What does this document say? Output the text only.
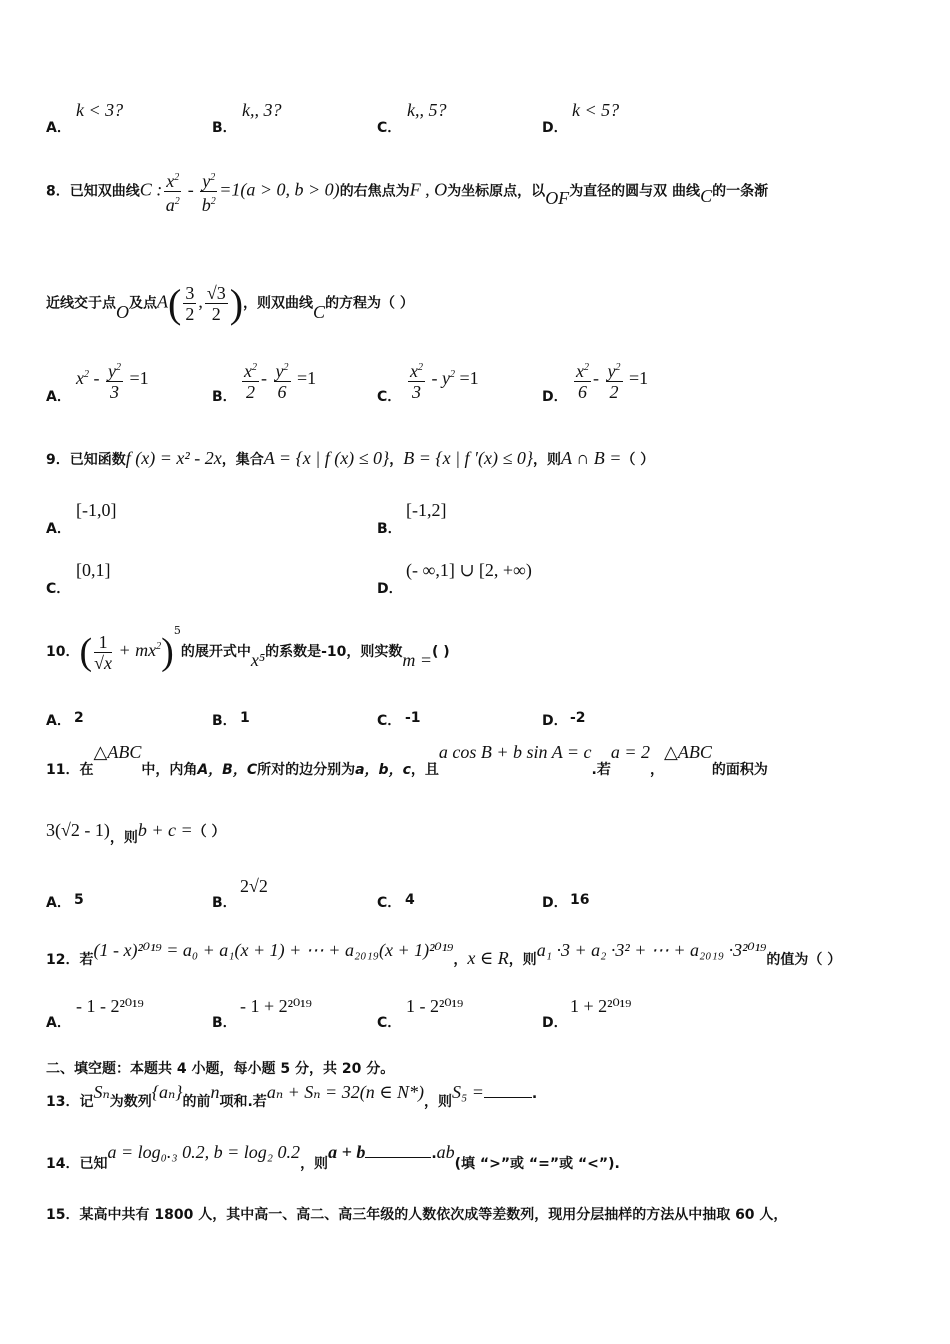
A．
k < 3?
B．
k,, 3?
C．
k,, 5?
D．
k < 5?
8．已知双曲线C : $\frac{x^2}{a^2} - \frac{y^2}{b^2} =1(a > 0$, b > 0)的右焦点为F , O为坐标原点，以OF为直径的圆与双 曲线C的一条渐
近线交于点O及点$A( \frac{3}{2}$ , $\frac{√3}{2}$ )，则双曲线C的方程为（ ）
A．
$x^2 - \frac{y^2}{3} =1$
B． $\frac{x^2}{2} - \frac{y^2}{6} =1$
C． $\frac{x^2}{3} - y^2 =1$
D． $\frac{x^2}{6} - \frac{y^2}{2} =1$
9．已知函数f (x) = x² - 2x，集合A = {x | f (x) ≤ 0}，B = {x | f ′(x) ≤ 0}，则A ∩ B =（ ）
A．
[-1,0]
B．
[-1,2]
C．
[0,1]
D．
(- ∞,1] ∪ [2, +∞)
10．( $\frac{1}{√x} + mx^2)^5$的展开式中x⁵的系数是-10，则实数m =( )
A． 2	B． 1	C． -1	D． -2
11．在△ABC中，内角A，B，C所对的边分别为a，b，c，且a cos B + b sin A = c.若a = 2，△ABC的面积为
3(√2 - 1)，则b + c =（ ）
A． 5	B．
2√2
C． 4	D． 16
12．若(1 - x)²⁰¹⁹ = a₀ + a₁(x + 1) + ⋯ + a₂₀₁₉(x + 1)²⁰¹⁹，x ∈ R，则a₁ ·3 + a₂ ·3² + ⋯ + a₂₀₁₉ ·3²⁰¹⁹的值为（ ）
A．
- 1 - 2²⁰¹⁹
B．
- 1 + 2²⁰¹⁹
C．
1 - 2²⁰¹⁹
D．
1 + 2²⁰¹⁹
二、填空题：本题共 4 小题，每小题 5 分，共 20 分。
13．记Sₙ为数列{aₙ}的前n项和.若aₙ + Sₙ = 32(n ∈ N*)，则S₅ =	.
14．已知a = log₀.₃ 0.2, b = log₂ 0.2，则a + b	.ab(填 “>”或 “=”或 “<”).
15．某高中共有 1800 人，其中高一、高二、高三年级的人数依次成等差数列，现用分层抽样的方法从中抽取 60 人，
